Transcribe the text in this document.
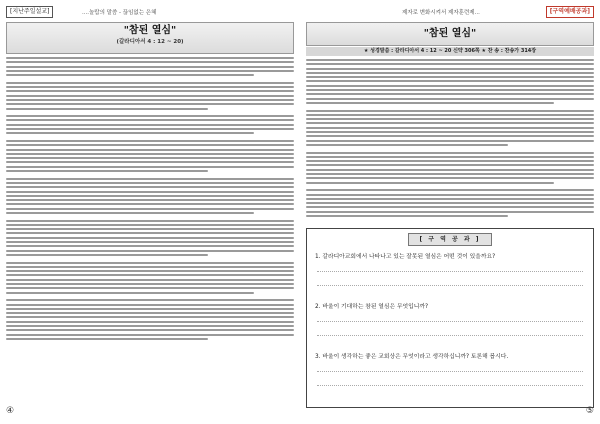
[지난주일설교]	....놀랍의 말씀 - 끊임없는 은혜
"참된 열심"
(갈라디아서 4 : 12 ~ 20)
④
제자로 변화시켜서 제자훈련제...	[구역예배공과]
"참된 열심"
★ 성경말씀 : 갈라디아서 4 : 12 ~ 20 신약 306쪽 ★ 찬 송 : 찬송가 314장
[ 구 역 공 과 ]
1. 갈라디아교회에서 나타나고 있는 잘못된 열심은 어떤 것이 있을까요?
2. 바울이 기대하는 참된 열심은 무엇입니까?
3. 바울이 생각하는 좋은 교회상은 무엇이라고 생각하십니까? 토론해 봅시다.
⑤
